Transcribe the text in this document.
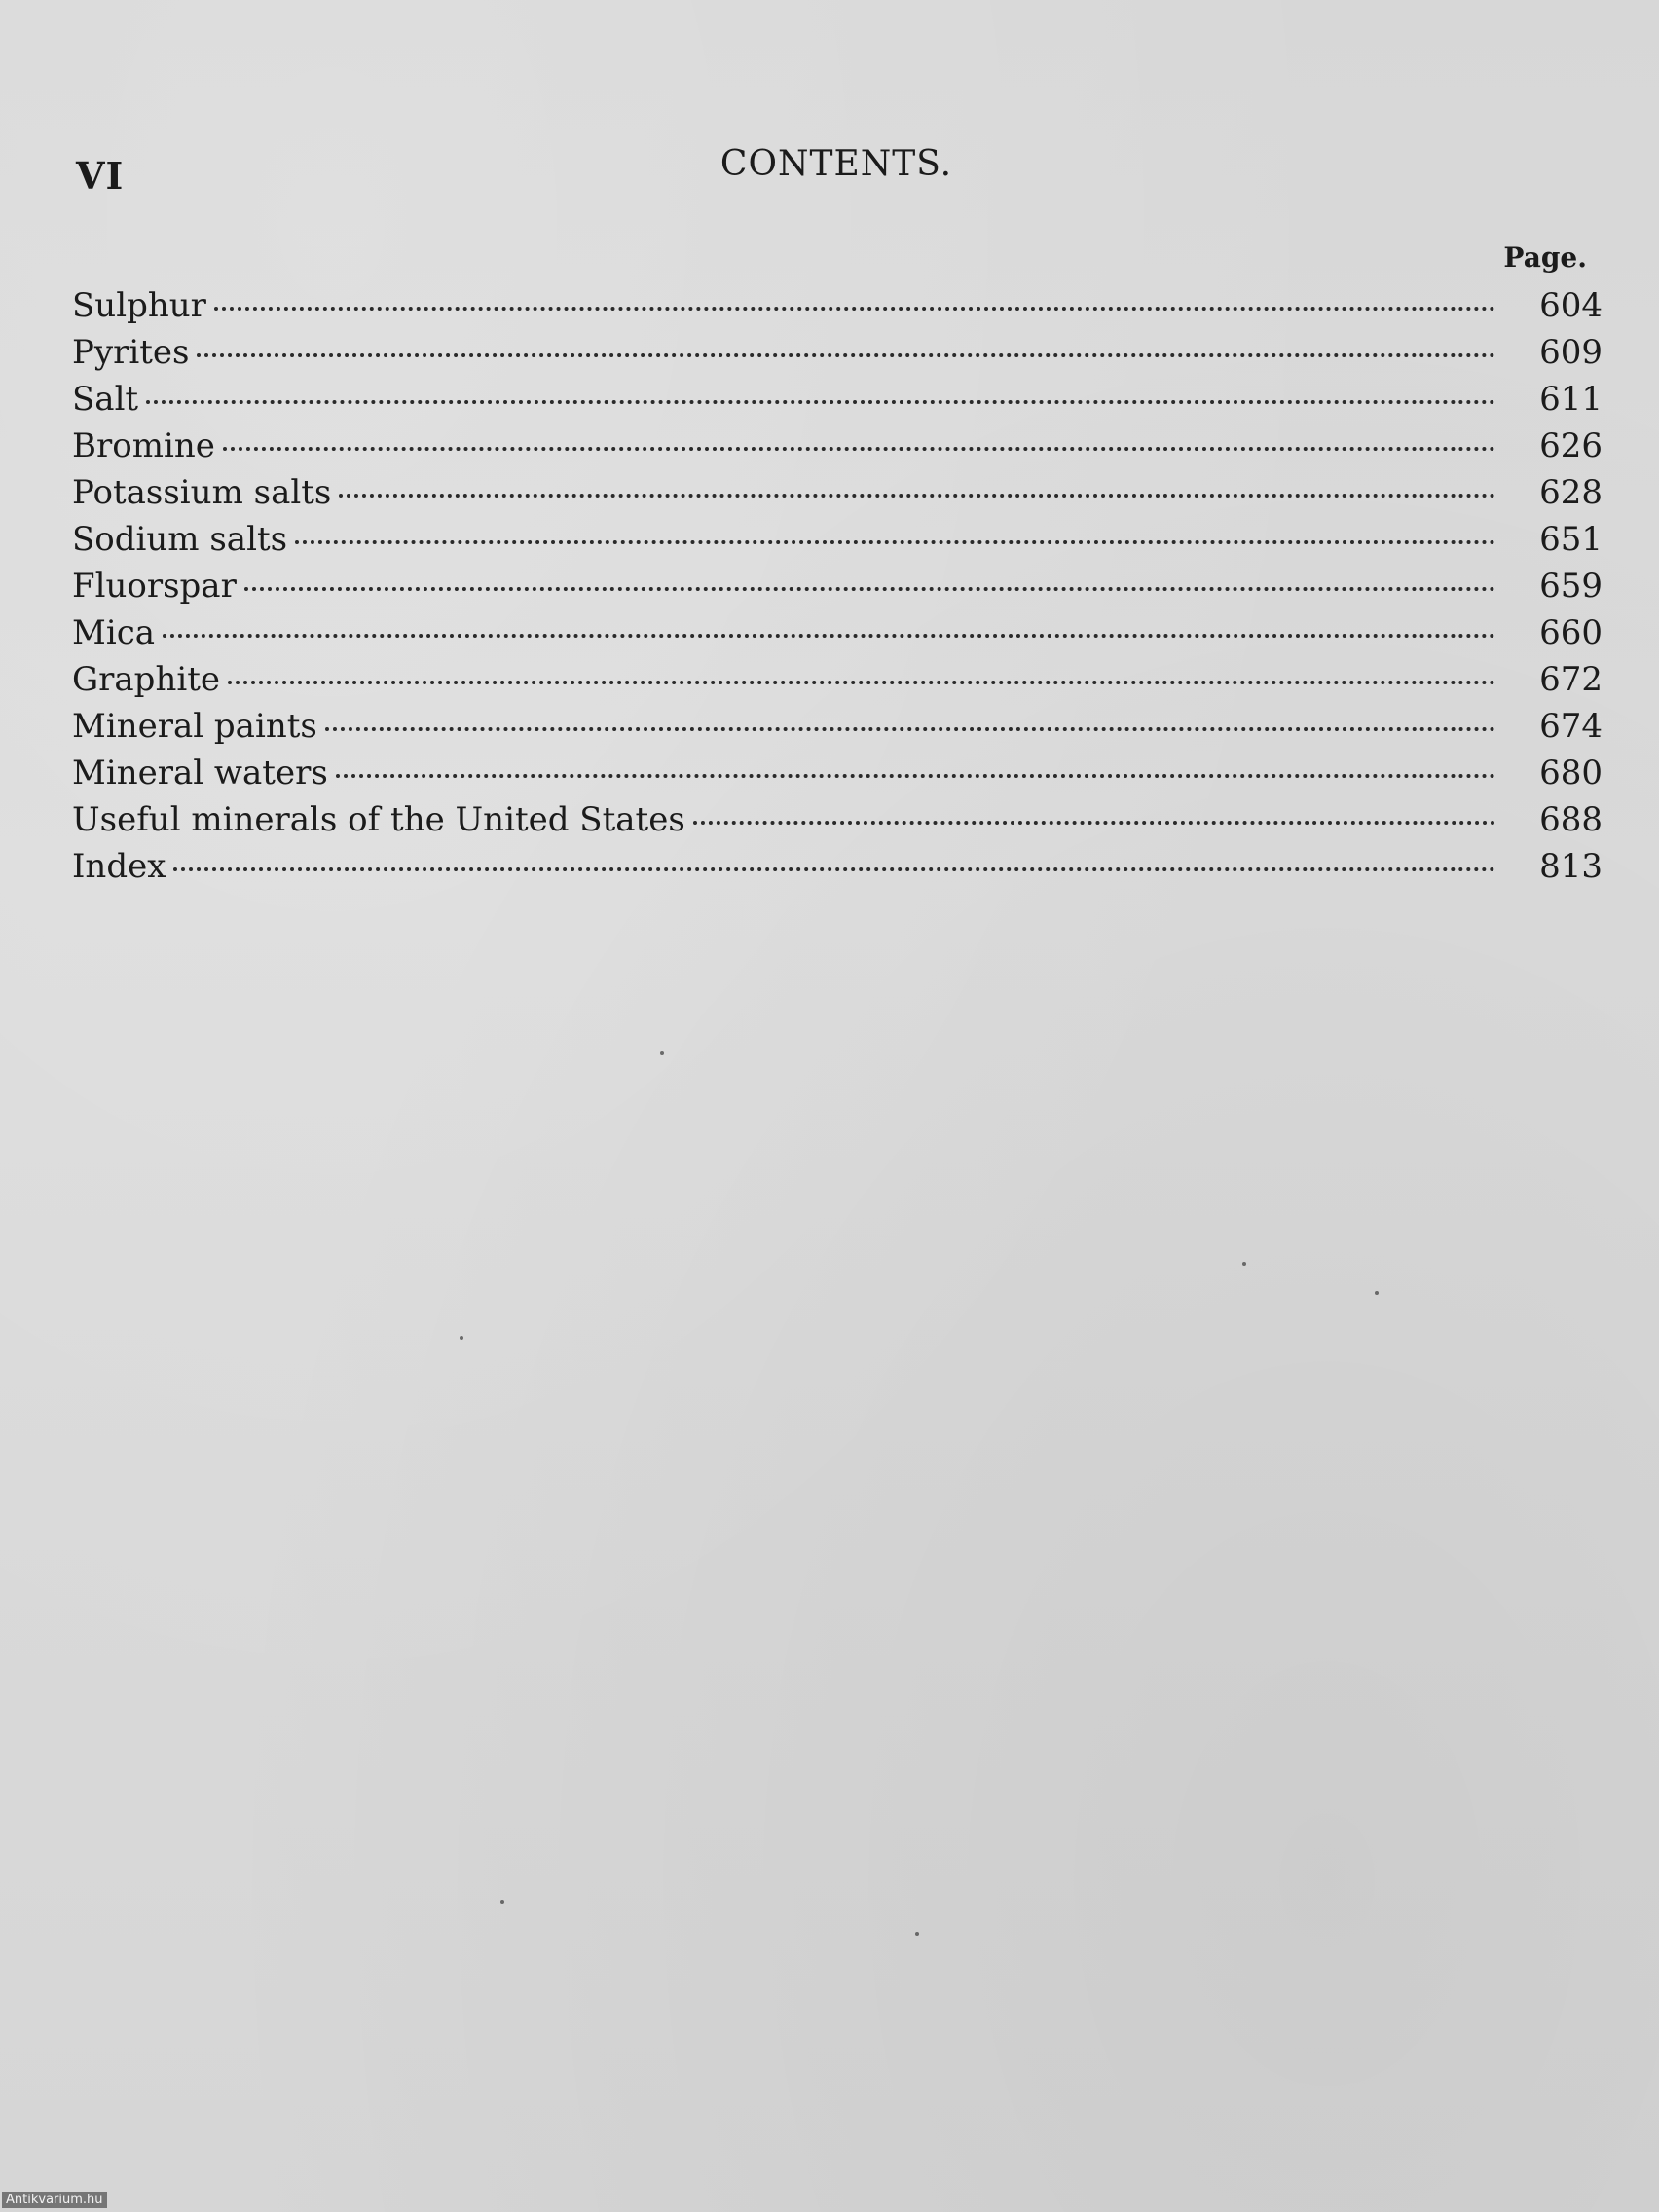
VI	CONTENTS.
Page.
Sulphur	604
Pyrites	609
Salt	611
Bromine	626
Potassium salts	628
Sodium salts	651
Fluorspar	659
Mica	660
Graphite	672
Mineral paints	674
Mineral waters	680
Useful minerals of the United States	688
Index	813
Antikvarium.hu
